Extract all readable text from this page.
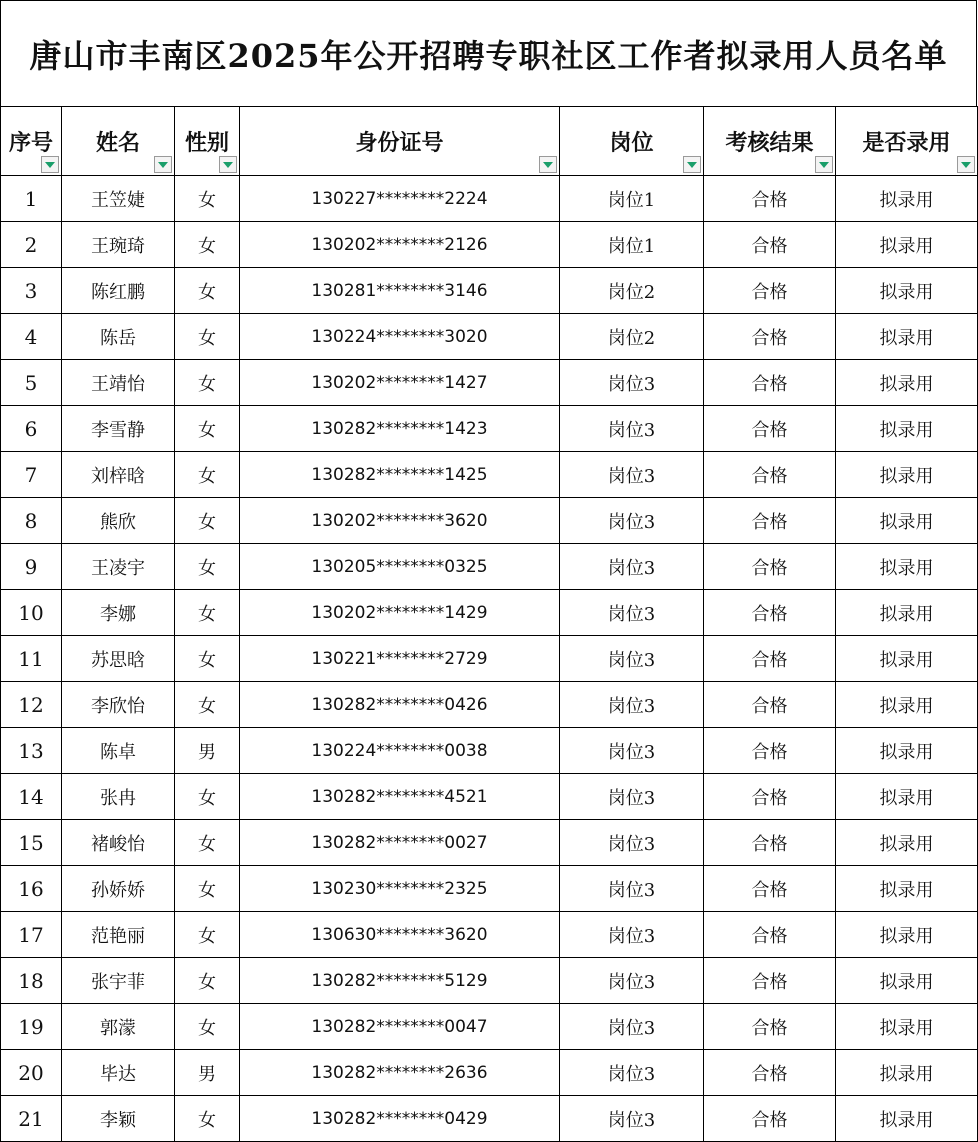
唐山市丰南区2025年公开招聘专职社区工作者拟录用人员名单
序号	姓名	性别	身份证号	岗位	考核结果	是否录用

1	王笠婕	女	130227********2224	岗位1	合格	拟录用
2	王琬琦	女	130202********2126	岗位1	合格	拟录用
3	陈红鹏	女	130281********3146	岗位2	合格	拟录用
4	陈岳	女	130224********3020	岗位2	合格	拟录用
5	王靖怡	女	130202********1427	岗位3	合格	拟录用
6	李雪静	女	130282********1423	岗位3	合格	拟录用
7	刘梓晗	女	130282********1425	岗位3	合格	拟录用
8	熊欣	女	130202********3620	岗位3	合格	拟录用
9	王凌宇	女	130205********0325	岗位3	合格	拟录用
10	李娜	女	130202********1429	岗位3	合格	拟录用
11	苏思晗	女	130221********2729	岗位3	合格	拟录用
12	李欣怡	女	130282********0426	岗位3	合格	拟录用
13	陈卓	男	130224********0038	岗位3	合格	拟录用
14	张冉	女	130282********4521	岗位3	合格	拟录用
15	褚峻怡	女	130282********0027	岗位3	合格	拟录用
16	孙娇娇	女	130230********2325	岗位3	合格	拟录用
17	范艳丽	女	130630********3620	岗位3	合格	拟录用
18	张宇菲	女	130282********5129	岗位3	合格	拟录用
19	郭濛	女	130282********0047	岗位3	合格	拟录用
20	毕达	男	130282********2636	岗位3	合格	拟录用
21	李颖	女	130282********0429	岗位3	合格	拟录用
